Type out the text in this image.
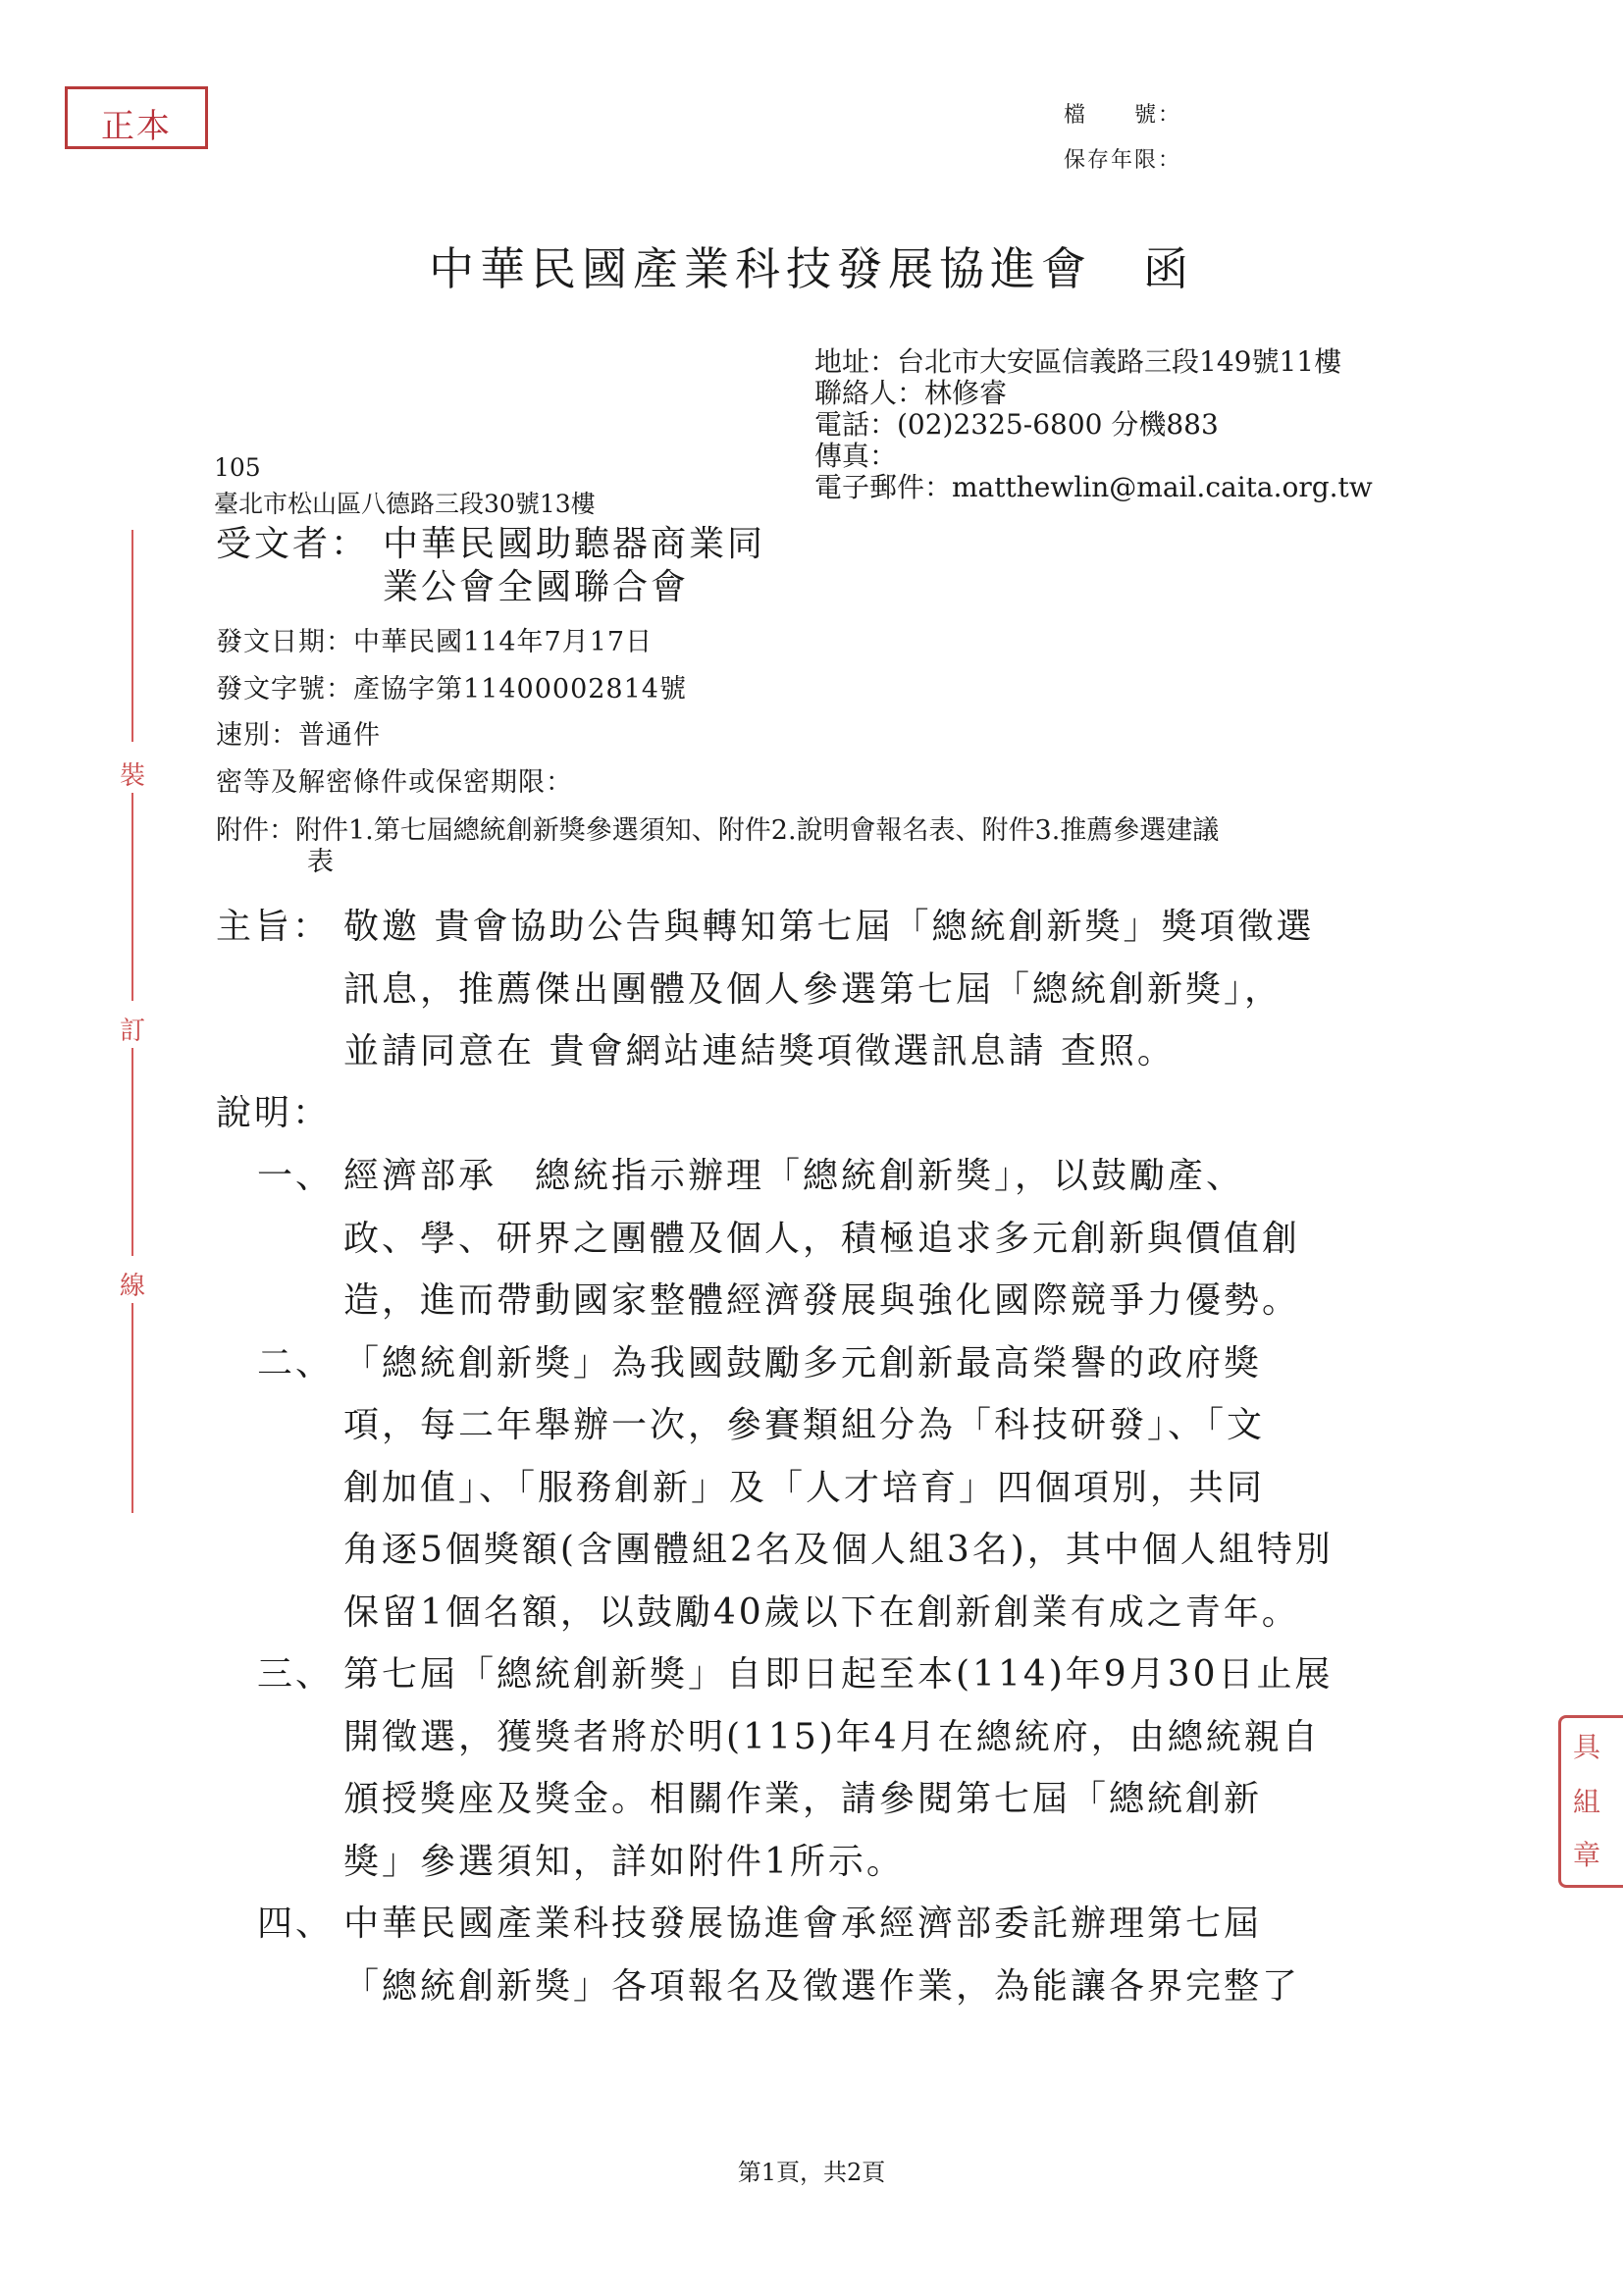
正本	檔　　號：
保存年限：
中華民國產業科技發展協進會　函
地址：台北市大安區信義路三段149號11樓
聯絡人：林修睿
電話：(02)2325-6800 分機883
傳真：
電子郵件：matthewlin@mail.caita.org.tw
105
臺北市松山區八德路三段30號13樓
受文者： 中華民國助聽器商業同
業公會全國聯合會
發文日期：中華民國114年7月17日
發文字號：產協字第11400002814號
速別：普通件
密等及解密條件或保密期限：
附件：附件1.第七屆總統創新獎參選須知、附件2.說明會報名表、附件3.推薦參選建議
表
主旨： 敬邀 貴會協助公告與轉知第七屆「總統創新獎」獎項徵選
訊息，推薦傑出團體及個人參選第七屆「總統創新獎」，
並請同意在 貴會網站連結獎項徵選訊息請 查照。
說明：
一、 經濟部承　總統指示辦理「總統創新獎」，以鼓勵產、
政、學、研界之團體及個人，積極追求多元創新與價值創
造，進而帶動國家整體經濟發展與強化國際競爭力優勢。
二、 「總統創新獎」為我國鼓勵多元創新最高榮譽的政府獎
項，每二年舉辦一次，參賽類組分為「科技研發」、「文
創加值」、「服務創新」及「人才培育」四個項別，共同
角逐5個獎額(含團體組2名及個人組3名)，其中個人組特別
保留1個名額，以鼓勵40歲以下在創新創業有成之青年。
三、 第七屆「總統創新獎」自即日起至本(114)年9月30日止展
開徵選，獲獎者將於明(115)年4月在總統府，由總統親自
頒授獎座及獎金。相關作業，請參閱第七屆「總統創新
獎」參選須知，詳如附件1所示。
四、 中華民國產業科技發展協進會承經濟部委託辦理第七屆
「總統創新獎」各項報名及徵選作業，為能讓各界完整了
裝
訂
線
具
組
章
第1頁，共2頁
